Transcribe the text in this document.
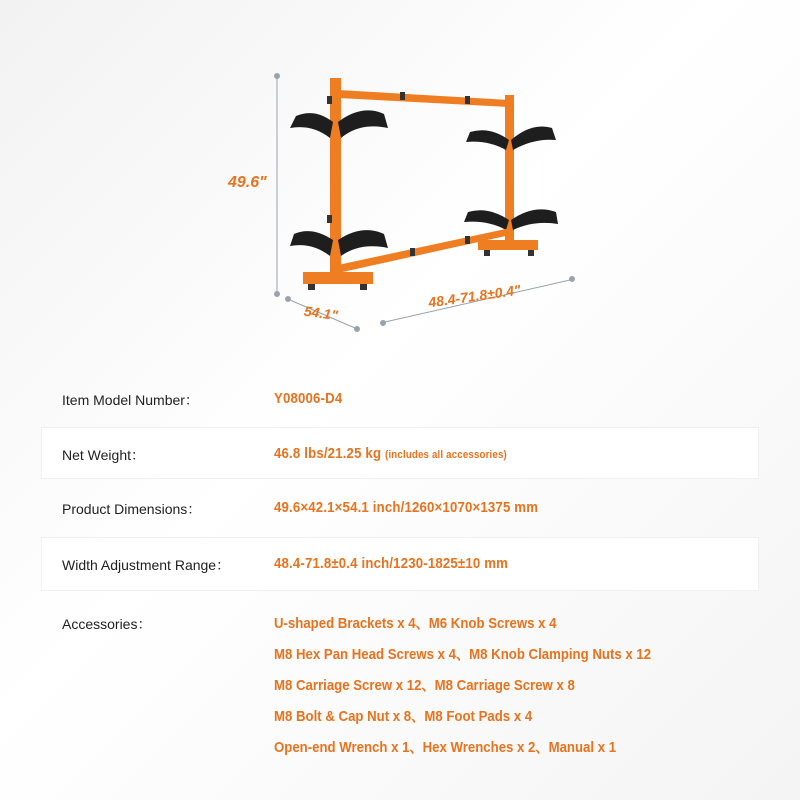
49.6"
54.1"
48.4-71.8±0.4"
Item Model Number：	Y08006-D4
Net Weight：	46.8 lbs/21.25 kg (includes all accessories)
Product Dimensions：	49.6×42.1×54.1 inch/1260×1070×1375 mm
Width Adjustment Range：	48.4-71.8±0.4 inch/1230-1825±10 mm
Accessories：	U-shaped Brackets x 4、M6 Knob Screws x 4
M8 Hex Pan Head Screws x 4、M8 Knob Clamping Nuts x 12
M8 Carriage Screw x 12、M8 Carriage Screw x 8
M8 Bolt & Cap Nut x 8、M8 Foot Pads x 4
Open-end Wrench x 1、Hex Wrenches x 2、Manual x 1
